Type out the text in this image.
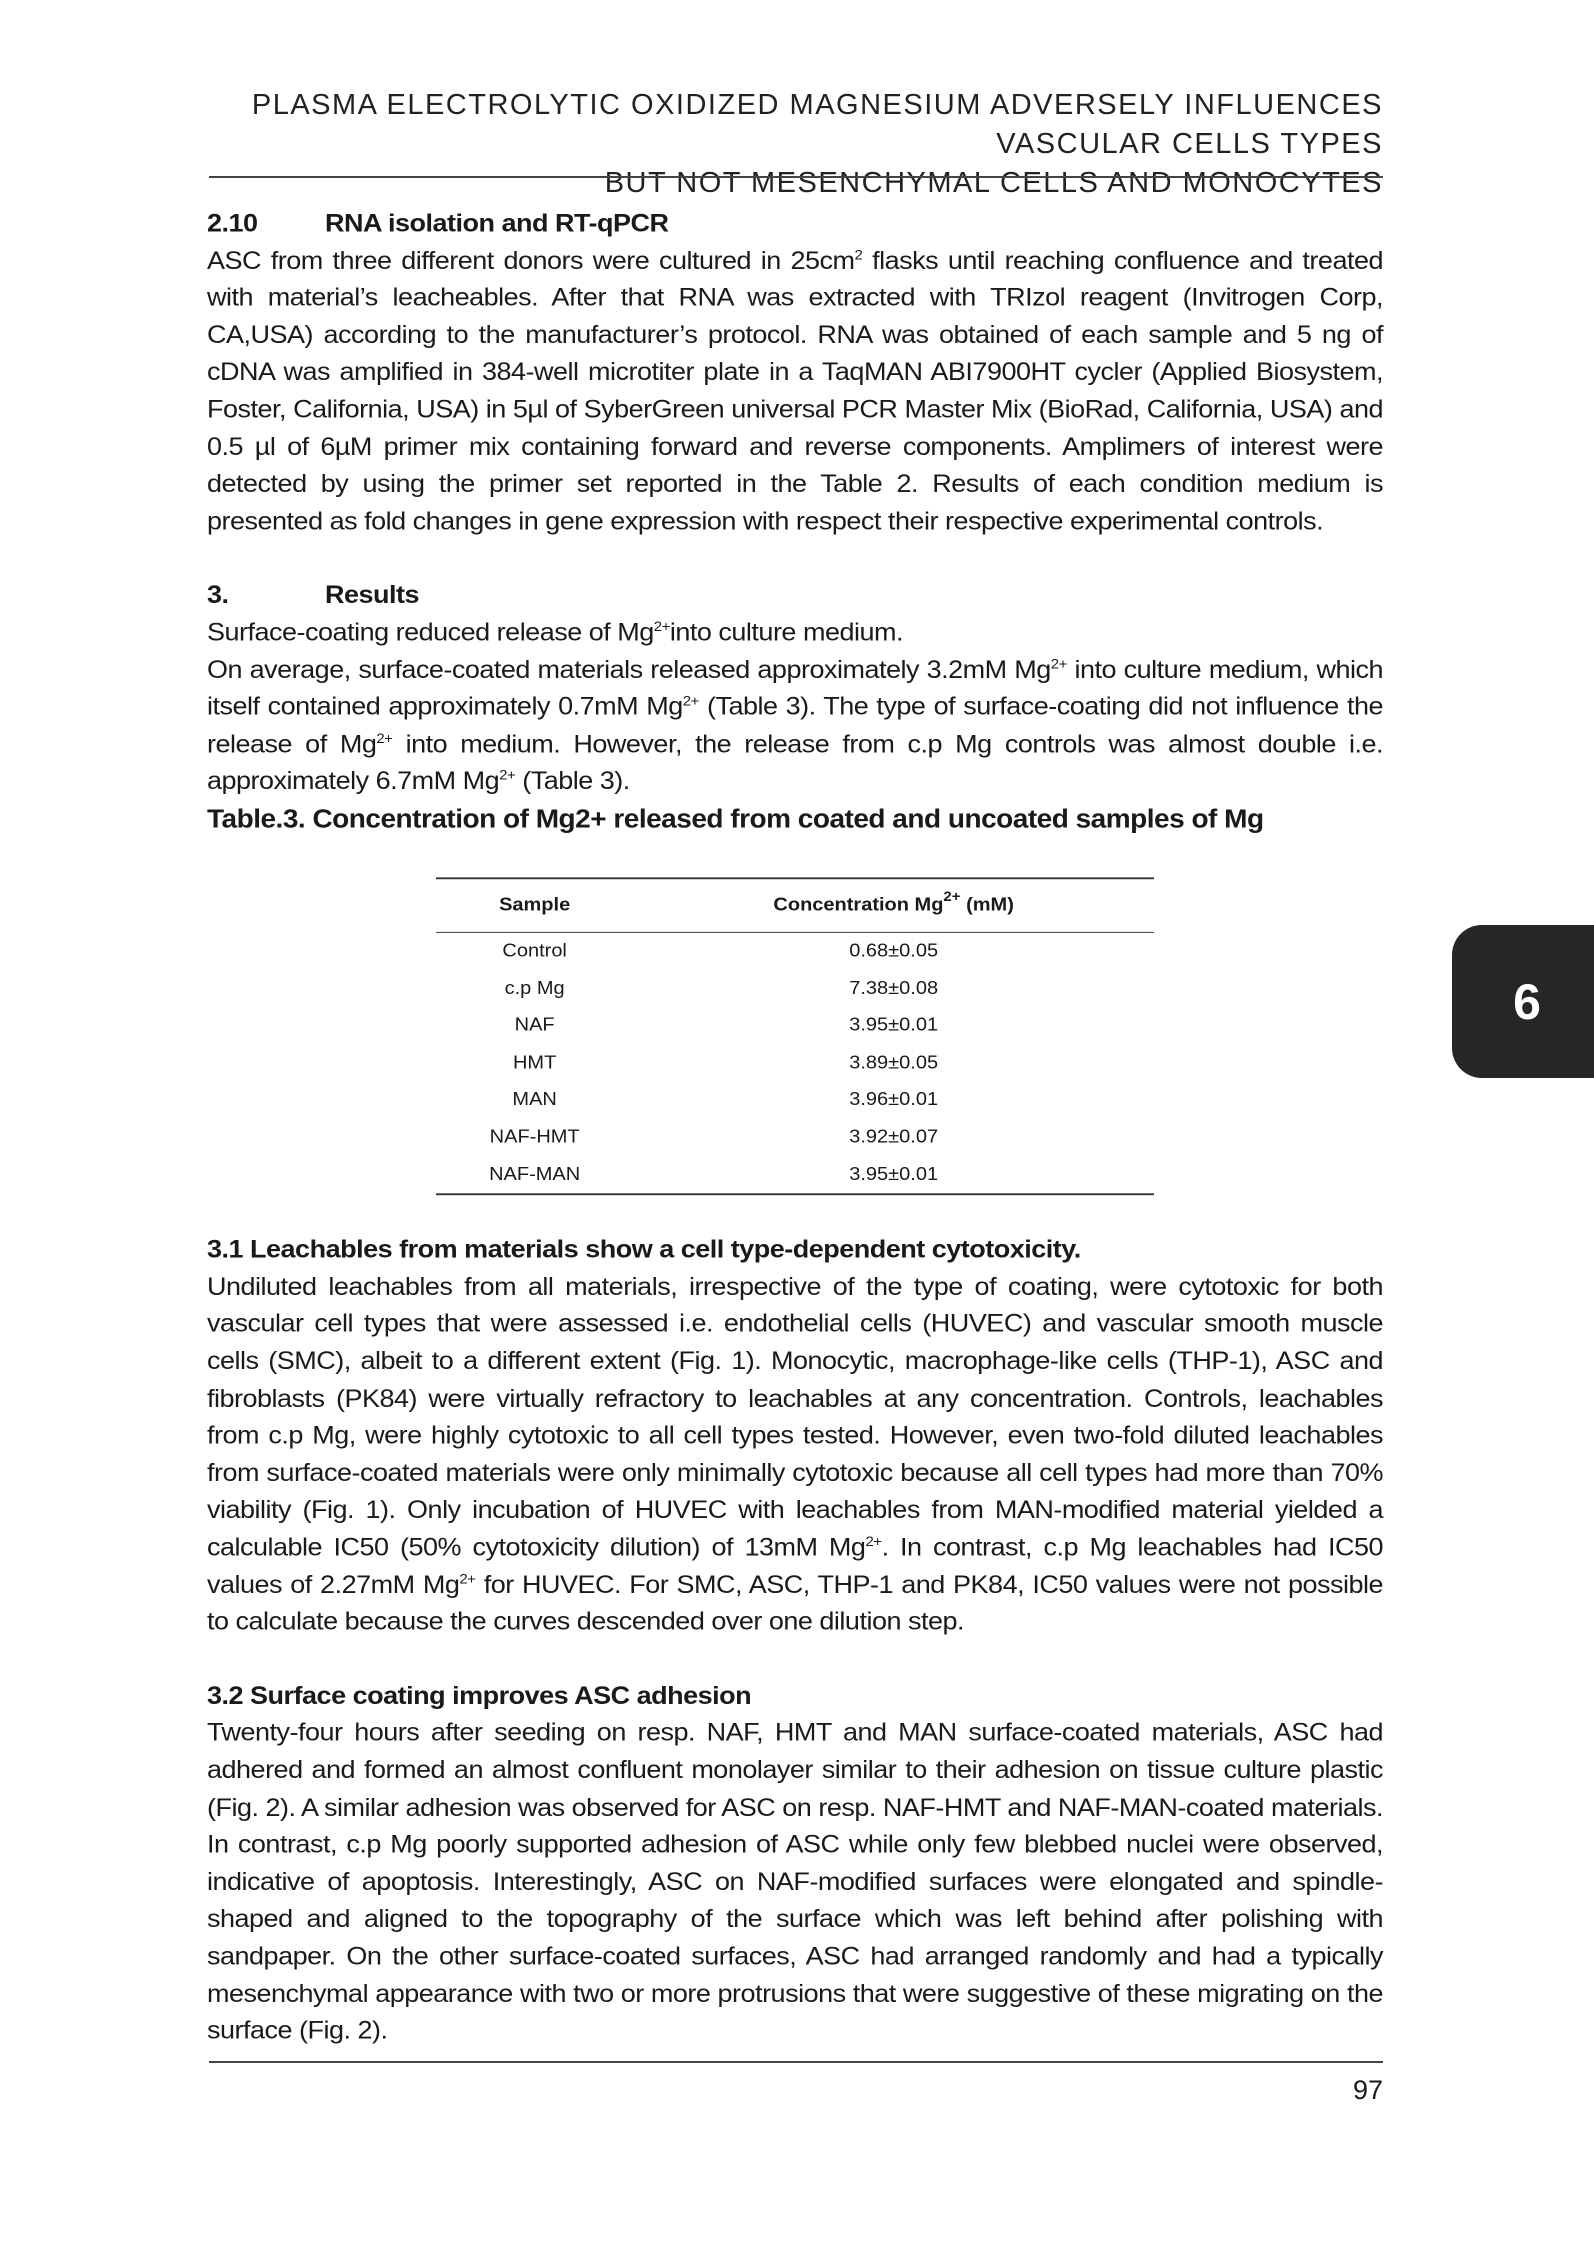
PLASMA ELECTROLYTIC OXIDIZED MAGNESIUM ADVERSELY INFLUENCES VASCULAR CELLS TYPES
BUT NOT MESENCHYMAL CELLS AND MONOCYTES

2.10 RNA isolation and RT-qPCR

ASC from three different donors were cultured in $25cm^2$ flasks until reaching confluence and treated with material’s leacheables. After that RNA was extracted with TRIzol reagent (Invitrogen Corp, CA,USA) according to the manufacturer’s protocol. RNA was obtained of each sample and 5 ng of cDNA was amplified in 384-well microtiter plate in a TaqMAN ABI7900HT cycler (Applied Biosystem, Foster, California, USA) in 5µl of SyberGreen universal PCR Master Mix (BioRad, California, USA) and 0.5 µl of 6µM primer mix containing forward and reverse components. Amplimers of interest were detected by using the primer set reported in the Table 2. Results of each condition medium is presented as fold changes in gene expression with respect their respective experimental controls.

3.	Results

Surface-coating reduced release of $Mg^{2+}into$ culture medium.

On average, surface-coated materials released approximately 3.2mM $Mg^{2+}$ into culture medium, which itself contained approximately 0.7mM $Mg^{2+}$ (Table 3). The type of surface-coating did not influence the release of $Mg^{2+}$ into medium. However, the release from c.p Mg controls was almost double i.e. approximately 6.7mM $Mg^{2+}$ (Table 3).

Table.3. Concentration of Mg2+ released from coated and uncoated samples of Mg

Sample	Concentration $Mg^{2+}$ (mM)
Control	0.68±0.05
c.p Mg	7.38±0.08
NAF	3.95±0.01
HMT	3.89±0.05
MAN	3.96±0.01
NAF-HMT	3.92±0.07
NAF-MAN	3.95±0.01

3.1 Leachables from materials show a cell type-dependent cytotoxicity.

Undiluted leachables from all materials, irrespective of the type of coating, were cytotoxic for both vascular cell types that were assessed i.e. endothelial cells (HUVEC) and vascular smooth muscle cells (SMC), albeit to a different extent (Fig. 1). Monocytic, macrophage-like cells (THP-1), ASC and fibroblasts (PK84) were virtually refractory to leachables at any concentration. Controls, leachables from c.p Mg, were highly cytotoxic to all cell types tested. However, even two-fold diluted leachables from surface-coated materials were only minimally cytotoxic because all cell types had more than 70% viability (Fig. 1). Only incubation of HUVEC with leachables from MAN-modified material yielded a calculable IC50 (50% cytotoxicity dilution) of 13mM $Mg^{2+}$. In contrast, c.p Mg leachables had IC50 values of 2.27mM $Mg^{2+}$ for HUVEC. For SMC, ASC, THP-1 and PK84, IC50 values were not possible to calculate because the curves descended over one dilution step.

3.2 Surface coating improves ASC adhesion

Twenty-four hours after seeding on resp. NAF, HMT and MAN surface-coated materials, ASC had adhered and formed an almost confluent monolayer similar to their adhesion on tissue culture plastic (Fig. 2). A similar adhesion was observed for ASC on resp. NAF-HMT and NAF-MAN-coated materials. In contrast, c.p Mg poorly supported adhesion of ASC while only few blebbed nuclei were observed, indicative of apoptosis. Interestingly, ASC on NAF-modified surfaces were elongated and spindle-shaped and aligned to the topography of the surface which was left behind after polishing with sandpaper. On the other surface-coated surfaces, ASC had arranged randomly and had a typically mesenchymal appearance with two or more protrusions that were suggestive of these migrating on the surface (Fig. 2).

6
97
